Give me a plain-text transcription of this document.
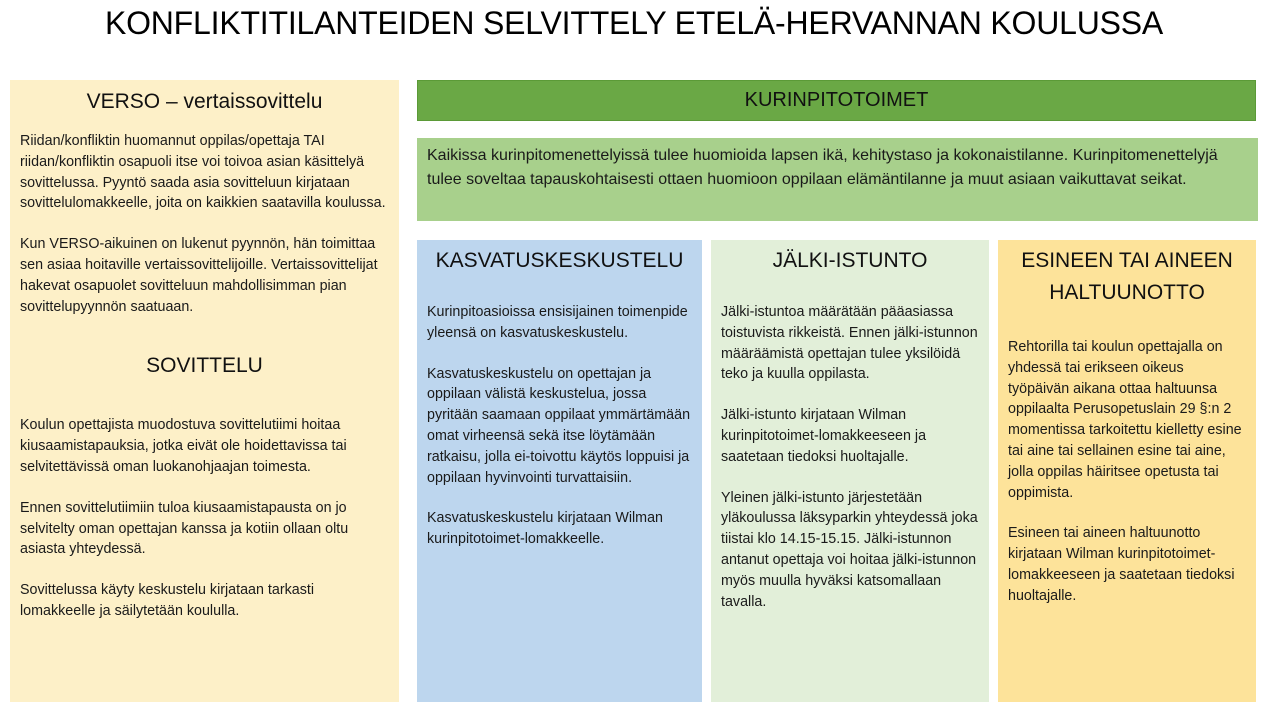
KONFLIKTITILANTEIDEN SELVITTELY ETELÄ-HERVANNAN KOULUSSA

VERSO – vertaissovittelu

Riidan/konfliktin huomannut oppilas/opettaja TAI riidan/konfliktin osapuoli itse voi toivoa asian käsittelyä sovittelussa. Pyyntö saada asia sovitteluun kirjataan sovittelulomakkeelle, joita on kaikkien saatavilla koulussa.

Kun VERSO-aikuinen on lukenut pyynnön, hän toimittaa sen asiaa hoitaville vertaissovittelijoille. Vertaissovittelijat hakevat osapuolet sovitteluun mahdollisimman pian sovittelupyynnön saatuaan.

SOVITTELU

Koulun opettajista muodostuva sovittelutiimi hoitaa kiusaamistapauksia, jotka eivät ole hoidettavissa tai selvitettävissä oman luokanohjaajan toimesta.

Ennen sovittelutiimiin tuloa kiusaamistapausta on jo selvitelty oman opettajan kanssa ja kotiin ollaan oltu asiasta yhteydessä.

Sovittelussa käyty keskustelu kirjataan tarkasti lomakkeelle ja säilytetään koululla.

KURINPITOTOIMET
Kaikissa kurinpitomenettelyissä tulee huomioida lapsen ikä, kehitystaso ja kokonaistilanne. Kurinpitomenettelyjä tulee soveltaa tapauskohtaisesti ottaen huomioon oppilaan elämäntilanne ja muut asiaan vaikuttavat seikat.

KASVATUSKESKUSTELU

Kurinpitoasioissa ensisijainen toimenpide yleensä on kasvatuskeskustelu.

Kasvatuskeskustelu on opettajan ja oppilaan välistä keskustelua, jossa pyritään saamaan oppilaat ymmärtämään omat virheensä sekä itse löytämään ratkaisu, jolla ei-toivottu käytös loppuisi ja oppilaan hyvinvointi turvattaisiin.

Kasvatuskeskustelu kirjataan Wilman kurinpitotoimet-lomakkeelle.

JÄLKI-ISTUNTO

Jälki-istuntoa määrätään pääasiassa toistuvista rikkeistä. Ennen jälki-istunnon määräämistä opettajan tulee yksilöidä teko ja kuulla oppilasta.

Jälki-istunto kirjataan Wilman kurinpitotoimet-lomakkeeseen ja saatetaan tiedoksi huoltajalle.

Yleinen jälki-istunto järjestetään yläkoulussa läksyparkin yhteydessä joka tiistai klo 14.15-15.15. Jälki-istunnon antanut opettaja voi hoitaa jälki-istunnon myös muulla hyväksi katsomallaan tavalla.

ESINEEN TAI AINEEN HALTUUNOTTO

Rehtorilla tai koulun opettajalla on yhdessä tai erikseen oikeus työpäivän aikana ottaa haltuunsa oppilaalta Perusopetuslain 29 §:n 2 momentissa tarkoitettu kielletty esine tai aine tai sellainen esine tai aine, jolla oppilas häiritsee opetusta tai oppimista.

Esineen tai aineen haltuunotto kirjataan Wilman kurinpitotoimet-lomakkeeseen ja saatetaan tiedoksi huoltajalle.
